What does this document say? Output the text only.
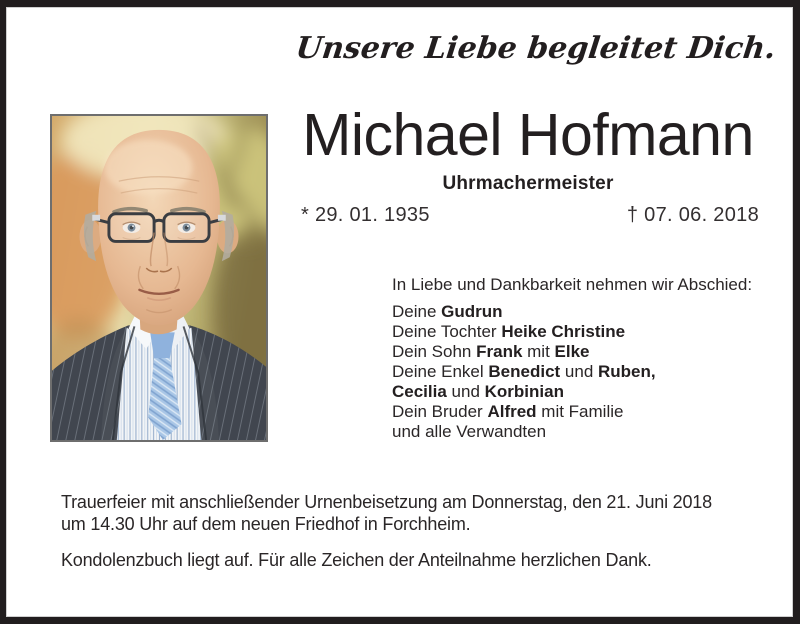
Unsere Liebe begleitet Dich.
Michael Hofmann
Uhrmachermeister
* 29. 01. 1935	† 07. 06. 2018
In Liebe und Dankbarkeit nehmen wir Abschied:
Deine Gudrun
Deine Tochter Heike Christine
Dein Sohn Frank mit Elke
Deine Enkel Benedict und Ruben,
Cecilia und Korbinian
Dein Bruder Alfred mit Familie
und alle Verwandten

Trauerfeier mit anschließender Urnenbeisetzung am Donnerstag, den 21. Juni 2018
um 14.30 Uhr auf dem neuen Friedhof in Forchheim.

Kondolenzbuch liegt auf. Für alle Zeichen der Anteilnahme herzlichen Dank.
